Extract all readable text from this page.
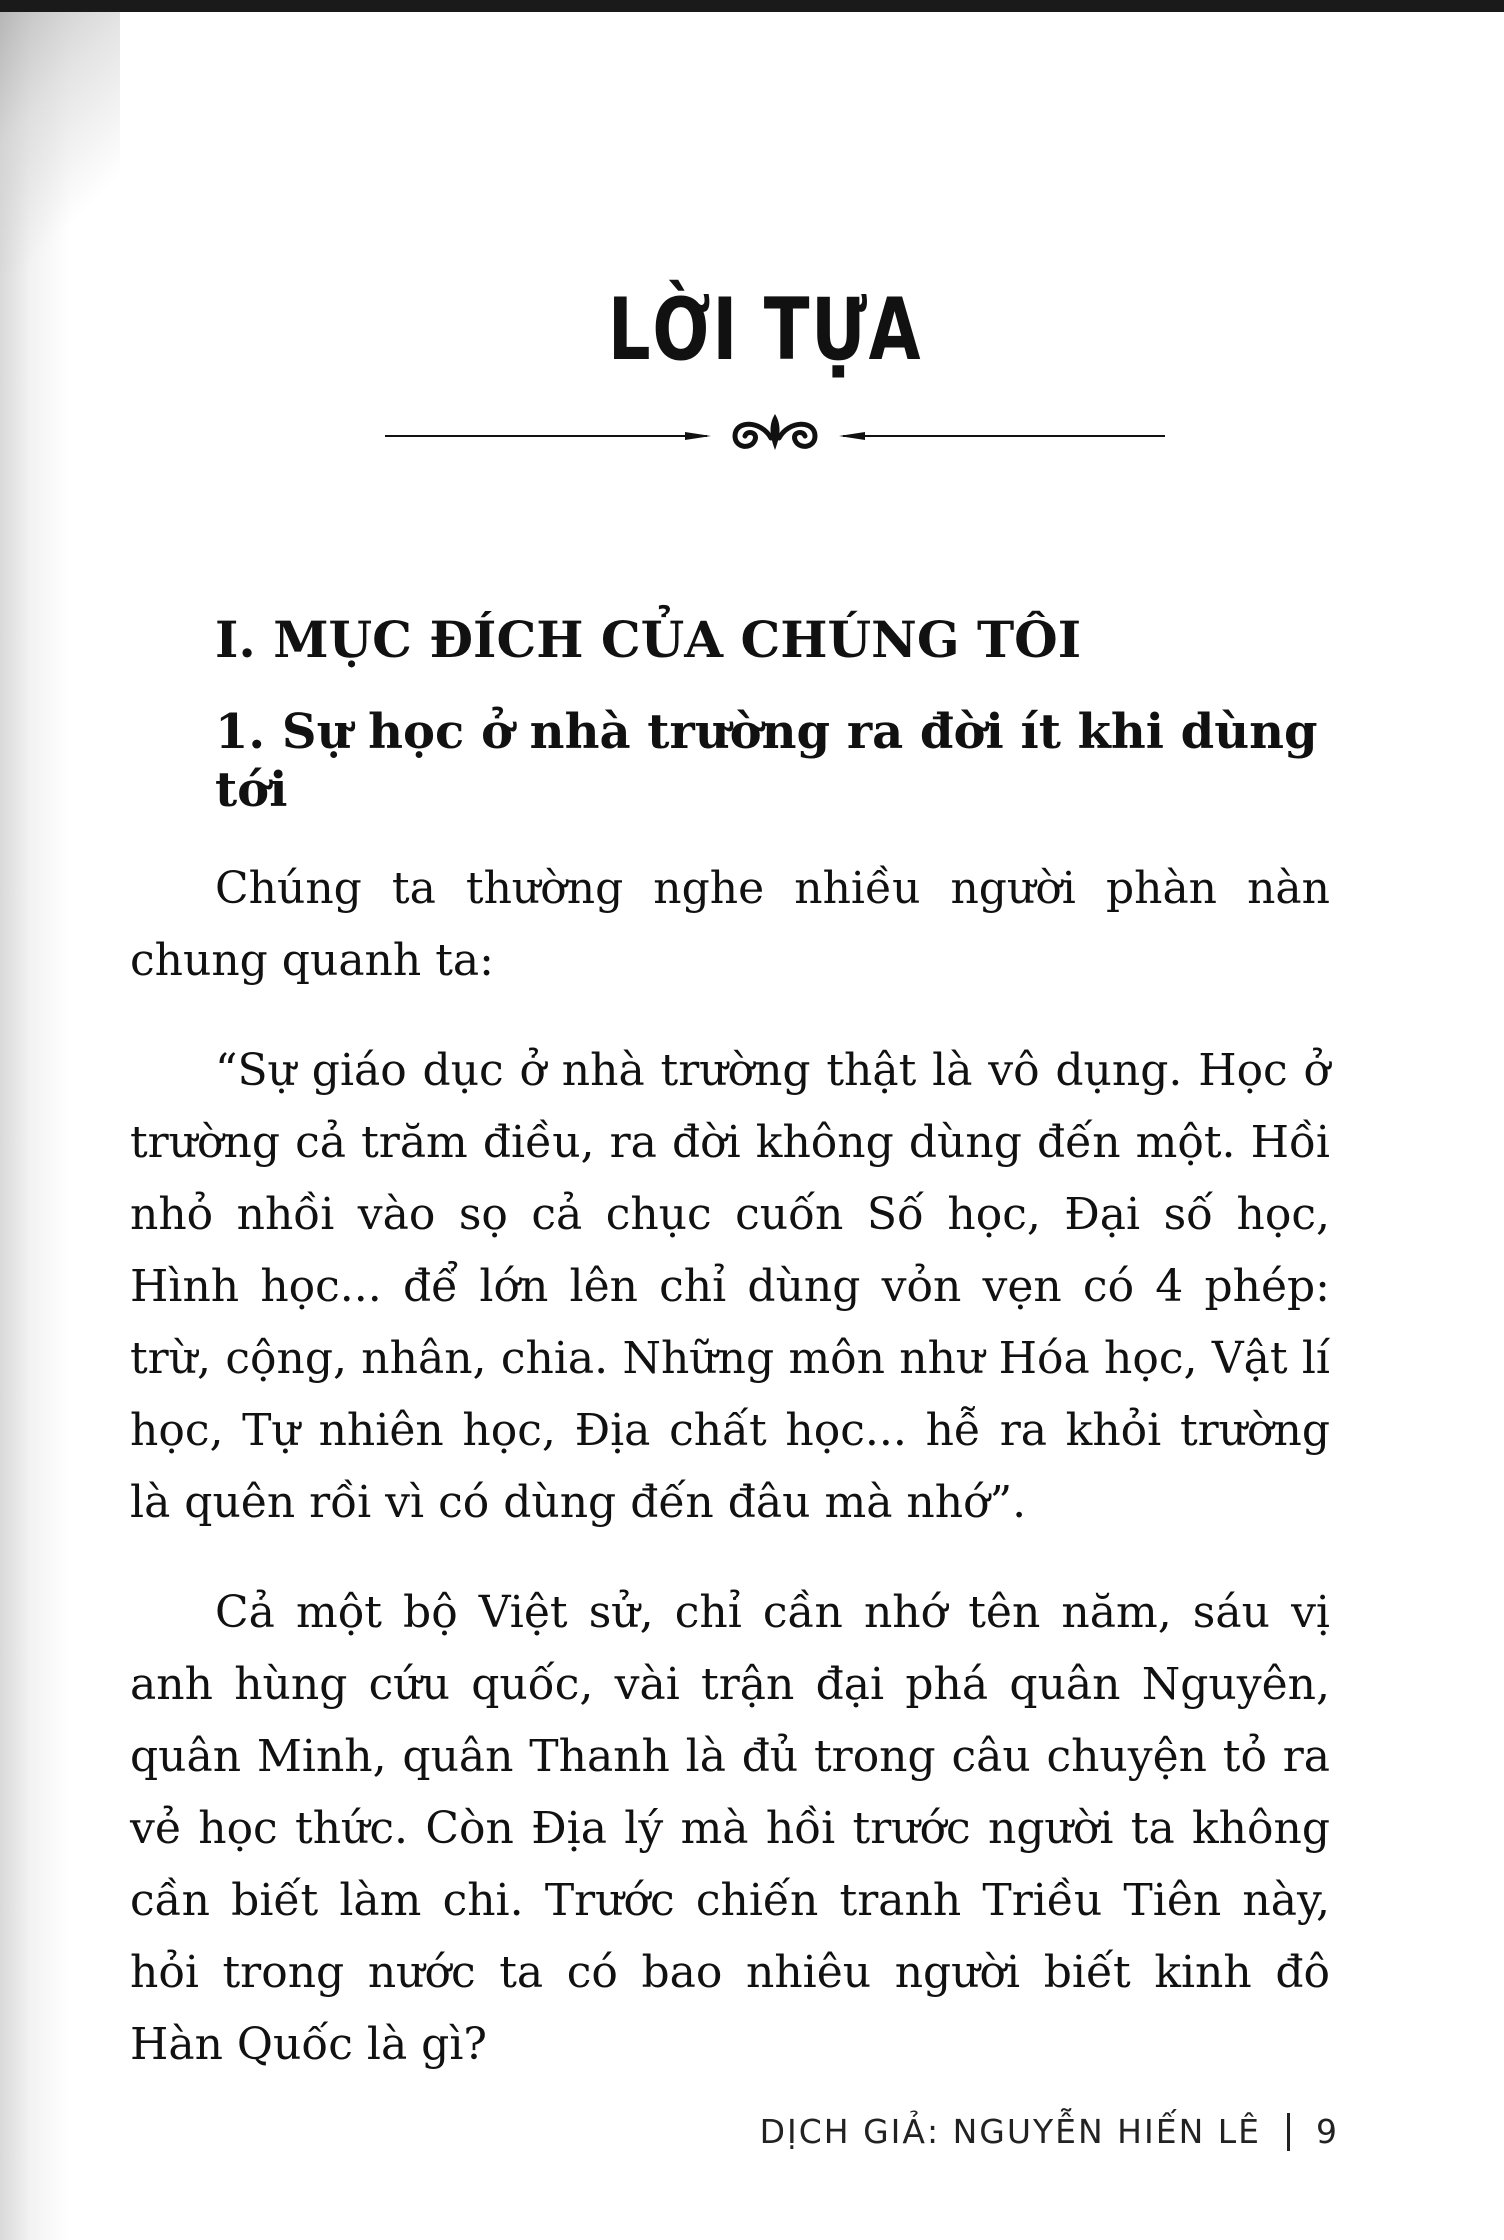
LỜI TỰA
I. MỤC ĐÍCH CỦA CHÚNG TÔI
1. Sự học ở nhà trường ra đời ít khi dùng tới

Chúng ta thường nghe nhiều người phàn nàn chung quanh ta:

“Sự giáo dục ở nhà trường thật là vô dụng. Học ở trường cả trăm điều, ra đời không dùng đến một. Hồi nhỏ nhồi vào sọ cả chục cuốn Số học, Đại số học, Hình học... để lớn lên chỉ dùng vỏn vẹn có 4 phép: trừ, cộng, nhân, chia. Những môn như Hóa học, Vật lí học, Tự nhiên học, Địa chất học... hễ ra khỏi trường là quên rồi vì có dùng đến đâu mà nhớ”.

Cả một bộ Việt sử, chỉ cần nhớ tên năm, sáu vị anh hùng cứu quốc, vài trận đại phá quân Nguyên, quân Minh, quân Thanh là đủ trong câu chuyện tỏ ra vẻ học thức. Còn Địa lý mà hồi trước người ta không cần biết làm chi. Trước chiến tranh Triều Tiên này, hỏi trong nước ta có bao nhiêu người biết kinh đô Hàn Quốc là gì?

DỊCH GIẢ: NGUYỄN HIẾN LÊ 9
